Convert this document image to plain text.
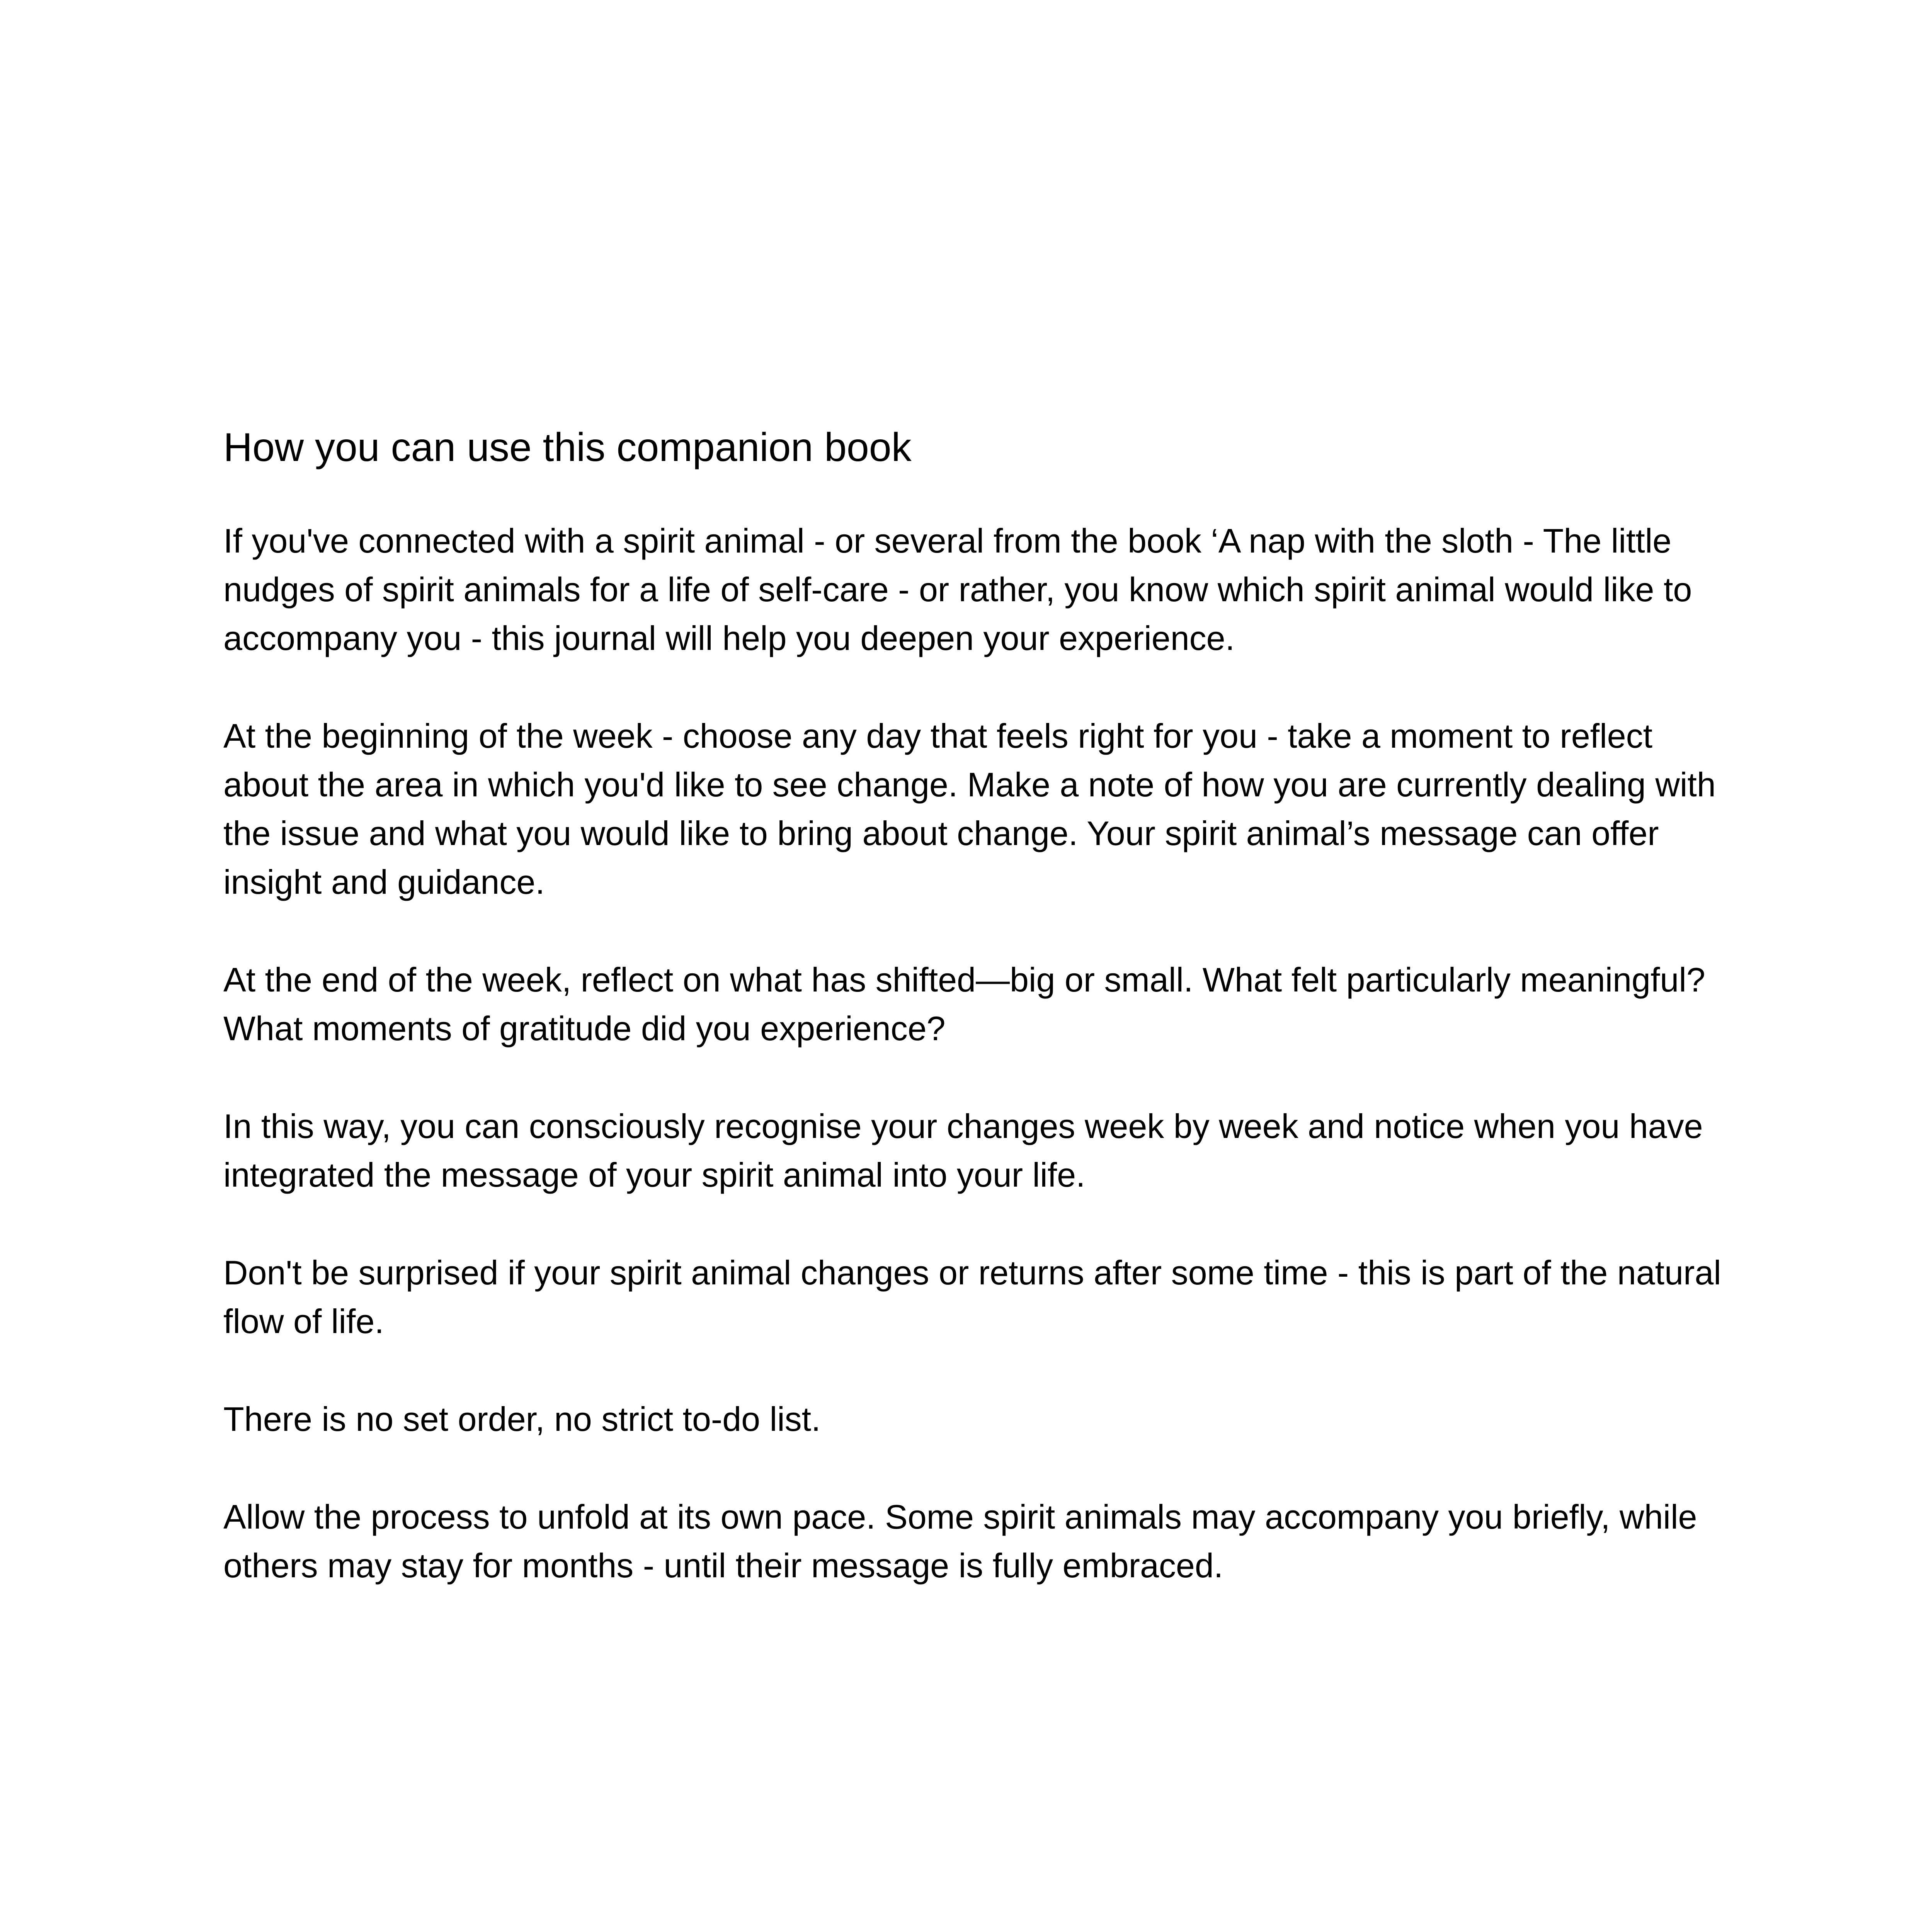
How you can use this companion book

If you've connected with a spirit animal - or several from the book ‘A nap with the sloth - The little nudges of spirit animals for a life of self-care - or rather, you know which spirit animal would like to accompany you - this journal will help you deepen your experience.

At the beginning of the week - choose any day that feels right for you - take a moment to reflect about the area in which you'd like to see change. Make a note of how you are currently dealing with the issue and what you would like to bring about change. Your spirit animal’s message can offer insight and guidance.

At the end of the week, reflect on what has shifted—big or small. What felt particularly meaningful? What moments of gratitude did you experience?

In this way, you can consciously recognise your changes week by week and notice when you have integrated the message of your spirit animal into your life.

Don't be surprised if your spirit animal changes or returns after some time - this is part of the natural flow of life.

There is no set order, no strict to-do list.

Allow the process to unfold at its own pace. Some spirit animals may accompany you briefly, while others may stay for months - until their message is fully embraced.
